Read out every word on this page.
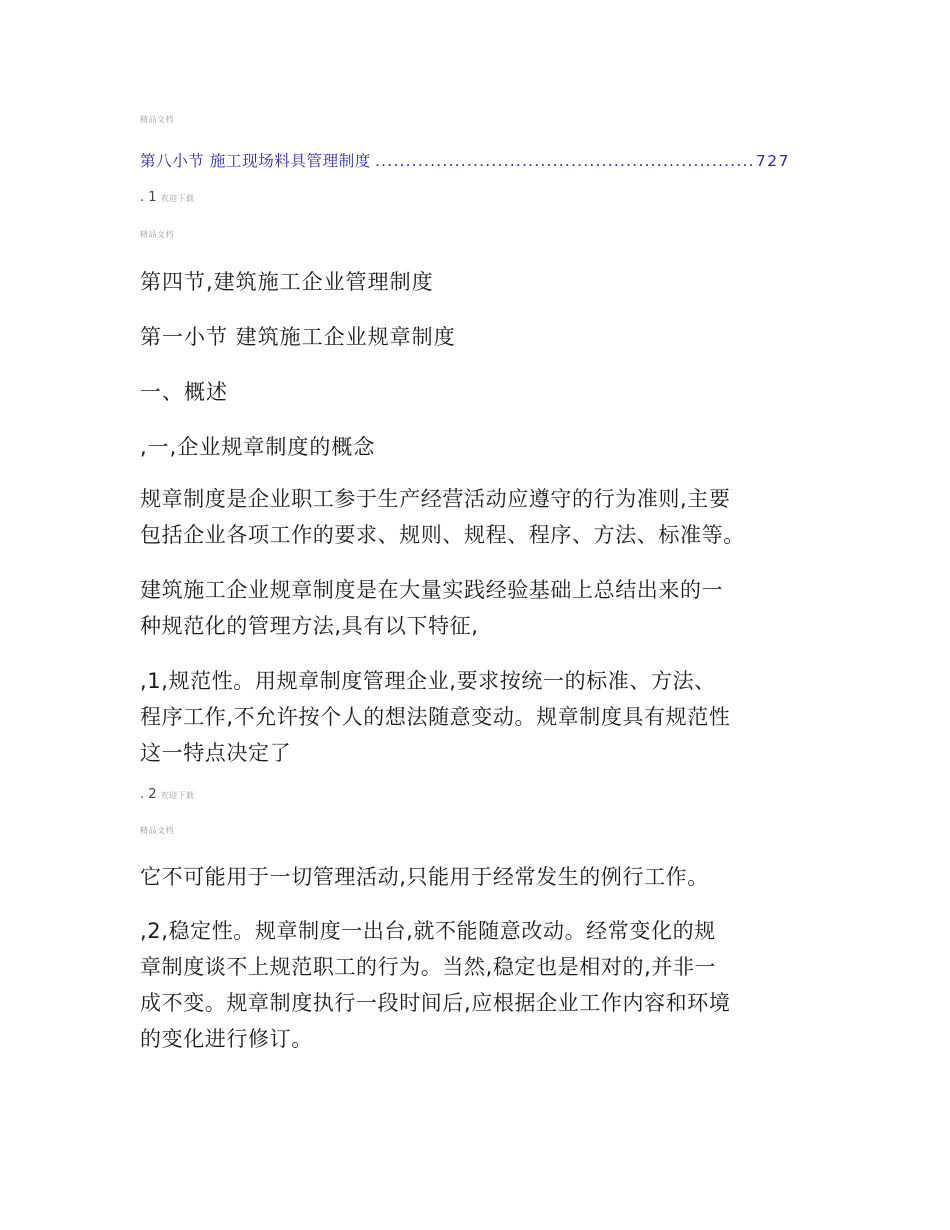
精品文档
第八小节 施工现场料具管理制度
.....	727
. 1 欢迎下载
精品文档
第四节,建筑施工企业管理制度
第一小节 建筑施工企业规章制度
一、概述
,一,企业规章制度的概念
规章制度是企业职工参于生产经营活动应遵守的行为准则,主要
包括企业各项工作的要求、规则、规程、程序、方法、标准等。
建筑施工企业规章制度是在大量实践经验基础上总结出来的一
种规范化的管理方法,具有以下特征,
,1,规范性。用规章制度管理企业,要求按统一的标准、方法、
程序工作,不允许按个人的想法随意变动。规章制度具有规范性
这一特点决定了
. 2 欢迎下载
精品文档
它不可能用于一切管理活动,只能用于经常发生的例行工作。
,2,稳定性。规章制度一出台,就不能随意改动。经常变化的规
章制度谈不上规范职工的行为。当然,稳定也是相对的,并非一
成不变。规章制度执行一段时间后,应根据企业工作内容和环境
的变化进行修订。
